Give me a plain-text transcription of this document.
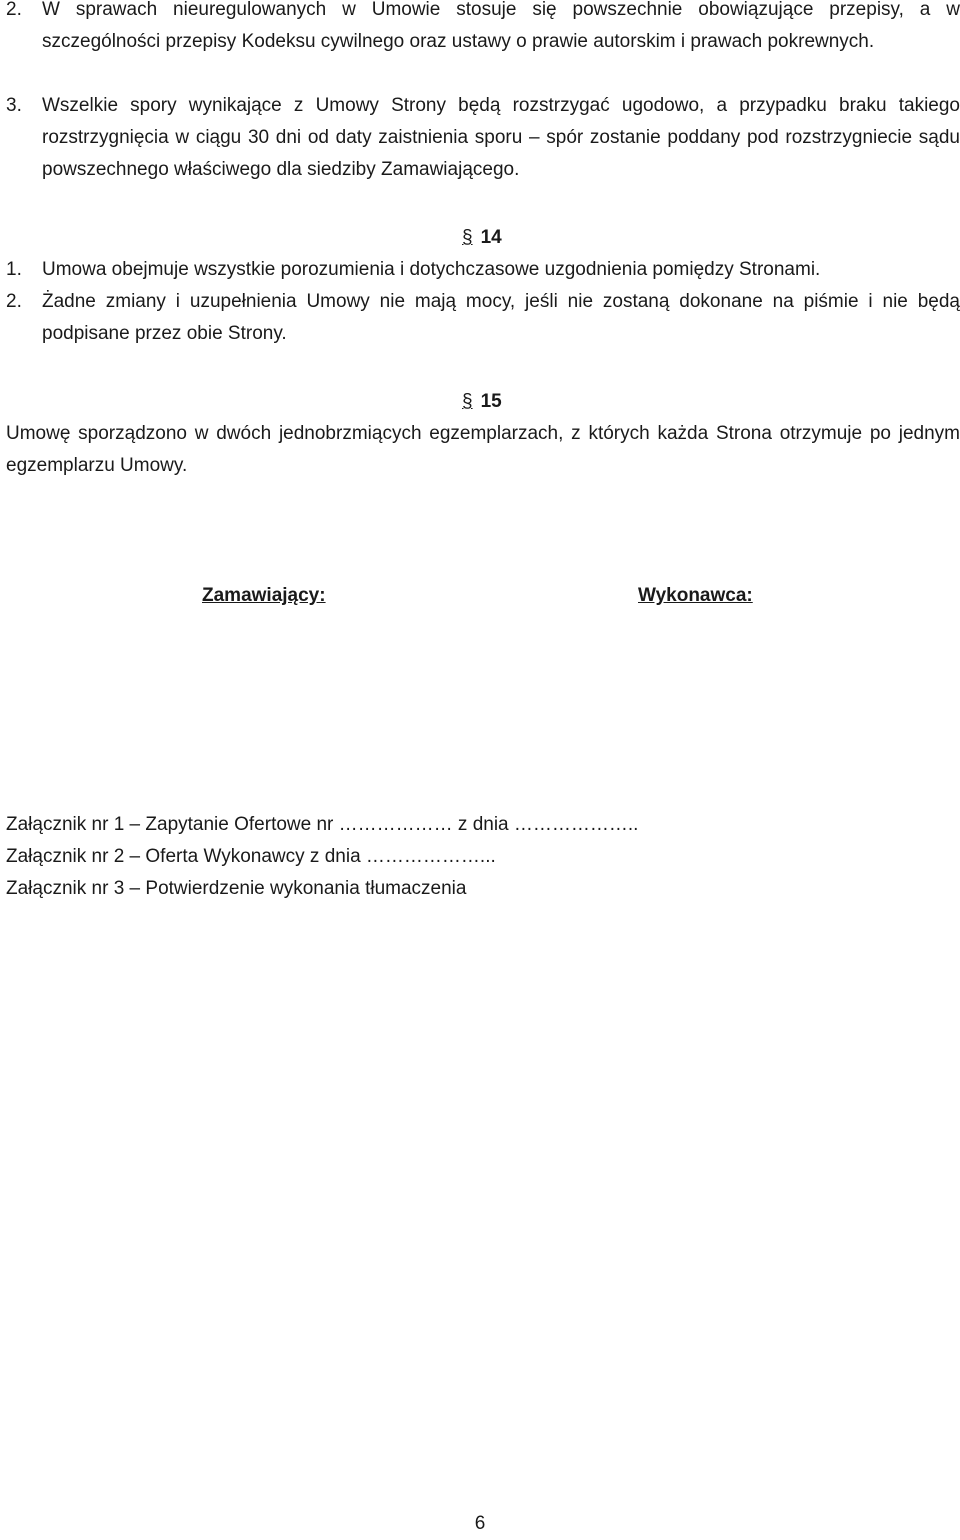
2. W sprawach nieuregulowanych w Umowie stosuje się powszechnie obowiązujące przepisy, a w szczególności przepisy Kodeksu cywilnego oraz ustawy o prawie autorskim i prawach pokrewnych.
3. Wszelkie spory wynikające z Umowy Strony będą rozstrzygać ugodowo, a przypadku braku takiego rozstrzygnięcia w ciągu 30 dni od daty zaistnienia sporu – spór zostanie poddany pod rozstrzygniecie sądu powszechnego właściwego dla siedziby Zamawiającego.
§ 14
1. Umowa obejmuje wszystkie porozumienia i dotychczasowe uzgodnienia pomiędzy Stronami.
2. Żadne zmiany i uzupełnienia Umowy nie mają mocy, jeśli nie zostaną dokonane na piśmie i nie będą podpisane przez obie Strony.
§ 15
Umowę sporządzono w dwóch jednobrzmiących egzemplarzach, z których każda Strona otrzymuje po jednym egzemplarzu Umowy.
Zamawiający:	Wykonawca:
Załącznik nr 1 – Zapytanie Ofertowe nr ……………… z dnia ………………..
Załącznik nr 2 – Oferta Wykonawcy z dnia ………………...
Załącznik nr 3 – Potwierdzenie wykonania tłumaczenia
6
